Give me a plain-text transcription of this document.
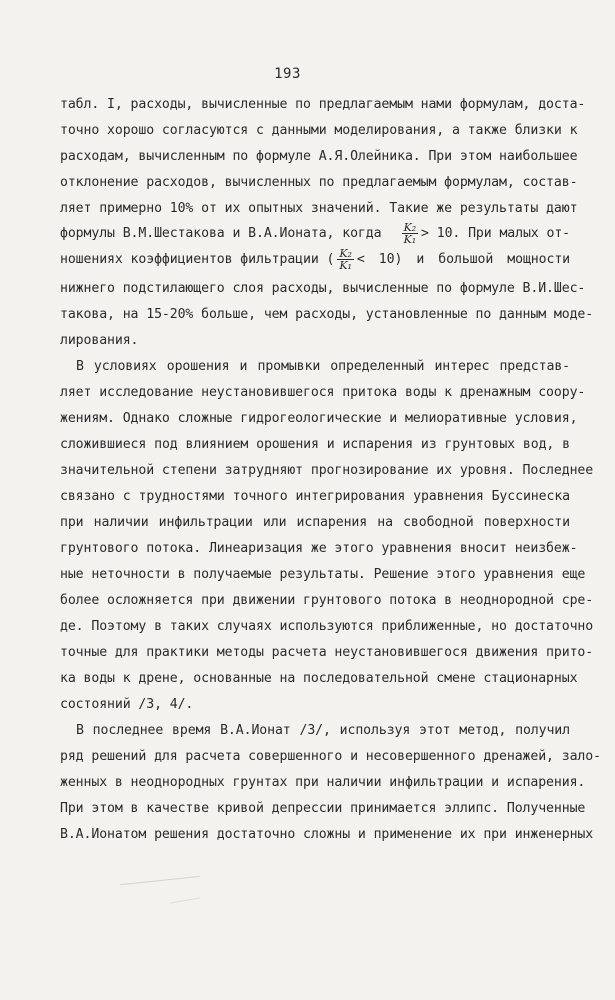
193
табл. I, расходы, вычисленные по предлагаемым нами формулам, доста-
точно хорошо согласуются с данными моделирования, а также близки к
расходам, вычисленным по формуле А.Я.Олейника. При этом наибольшее
отклонение расходов, вычисленных по предлагаемым формулам, состав-
ляет примерно 10% от их опытных значений. Такие же результаты дают
формулы В.М.Шестакова и В.А.Ионата, когда $\frac{\text{K₂}}{\text{K₁}} > 10$. При малых от-
ношениях коэффициентов фильтрации ( $\frac{\text{K₂}}{\text{K₁}} < 10$) и большой мощности
нижнего подстилающего слоя расходы, вычисленные по формуле В.И.Шес-
такова, на 15-20% больше, чем расходы, установленные по данным моде-
лирования.
В условиях орошения и промывки определенный интерес представ-
ляет исследование неустановившегося притока воды к дренажным соору-
жениям. Однако сложные гидрогеологические и мелиоративные условия,
сложившиеся под влиянием орошения и испарения из грунтовых вод, в
значительной степени затрудняют прогнозирование их уровня. Последнее
связано с трудностями точного интегрирования уравнения Буссинеска
при наличии инфильтрации или испарения на свободной поверхности
грунтового потока. Линеаризация же этого уравнения вносит неизбеж-
ные неточности в получаемые результаты. Решение этого уравнения еще
более осложняется при движении грунтового потока в неоднородной сре-
де. Поэтому в таких случаях используются приближенные, но достаточно
точные для практики методы расчета неустановившегося движения прито-
ка воды к дрене, основанные на последовательной смене стационарных
состояний /3, 4/.
В последнее время В.А.Ионат /3/, используя этот метод, получил
ряд решений для расчета совершенного и несовершенного дренажей, зало-
женных в неоднородных грунтах при наличии инфильтрации и испарения.
При этом в качестве кривой депрессии принимается эллипс. Полученные
В.А.Ионатом решения достаточно сложны и применение их при инженерных
